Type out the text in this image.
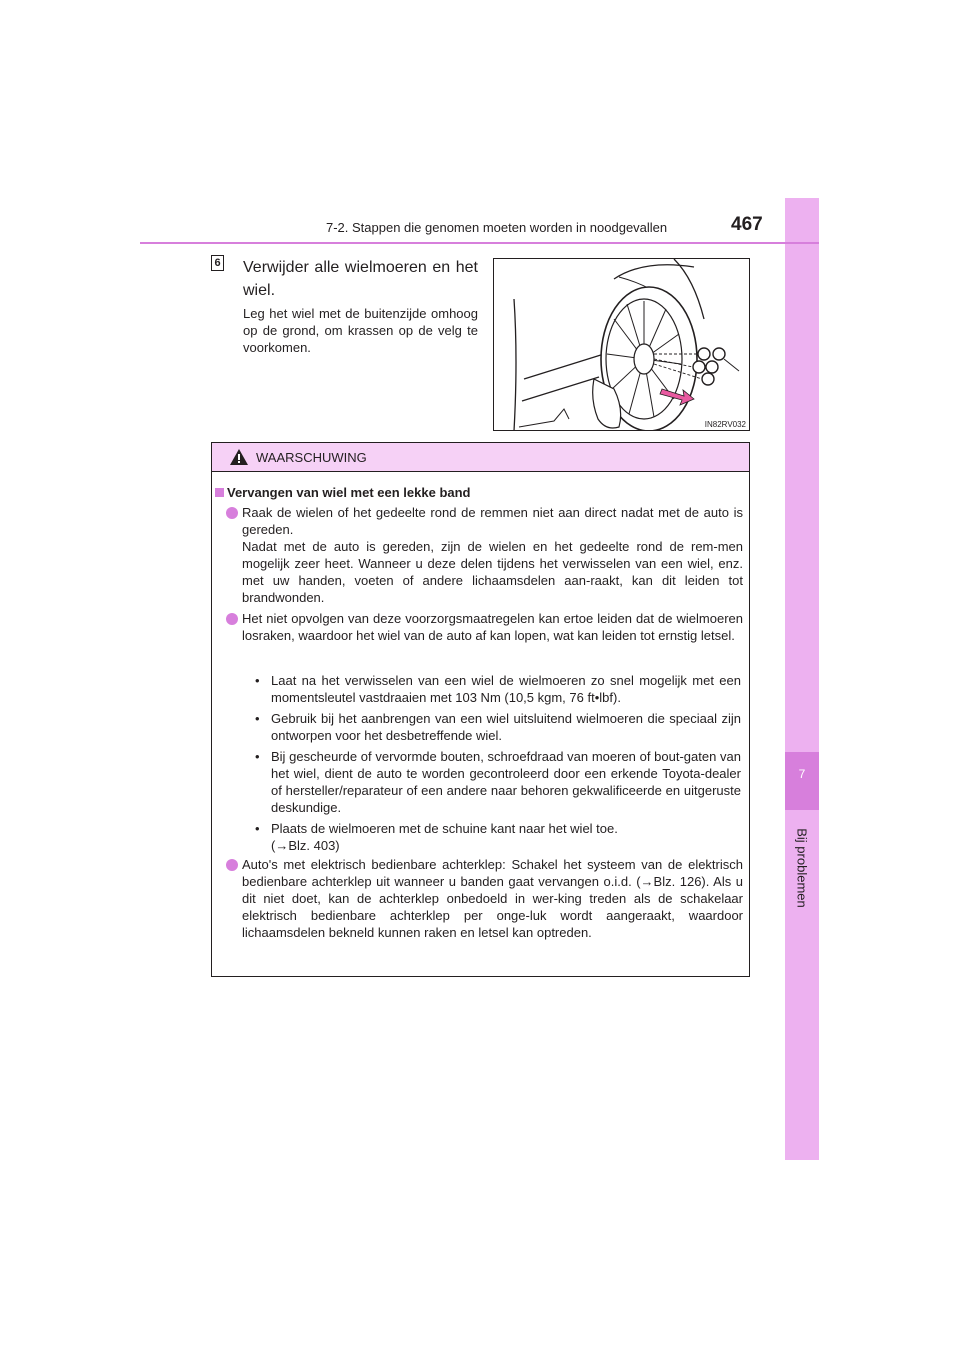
7
Bij problemen
7-2. Stappen die genomen moeten worden in noodgevallen	467
6 Verwijder alle wielmoeren en het wiel.
Leg het wiel met de buitenzijde omhoog op de grond, om krassen op de velg te voorkomen.
IN82RV032
WAARSCHUWING
Vervangen van wiel met een lekke band
Raak de wielen of het gedeelte rond de remmen niet aan direct nadat met de auto is gereden.
Nadat met de auto is gereden, zijn de wielen en het gedeelte rond de rem-men mogelijk zeer heet. Wanneer u deze delen tijdens het verwisselen van een wiel, enz. met uw handen, voeten of andere lichaamsdelen aan-raakt, kan dit leiden tot brandwonden.
Het niet opvolgen van deze voorzorgsmaatregelen kan ertoe leiden dat de wielmoeren losraken, waardoor het wiel van de auto af kan lopen, wat kan leiden tot ernstig letsel.
• Laat na het verwisselen van een wiel de wielmoeren zo snel mogelijk met een momentsleutel vastdraaien met 103 Nm (10,5 kgm, 76 ft•lbf).
• Gebruik bij het aanbrengen van een wiel uitsluitend wielmoeren die speciaal zijn ontworpen voor het desbetreffende wiel.
• Bij gescheurde of vervormde bouten, schroefdraad van moeren of bout-gaten van het wiel, dient de auto te worden gecontroleerd door een erkende Toyota-dealer of hersteller/reparateur of een andere naar behoren gekwalificeerde en uitgeruste deskundige.
• Plaats de wielmoeren met de schuine kant naar het wiel toe.
(→Blz. 403)
Auto's met elektrisch bedienbare achterklep: Schakel het systeem van de elektrisch bedienbare achterklep uit wanneer u banden gaat vervangen o.i.d. (→Blz. 126). Als u dit niet doet, kan de achterklep onbedoeld in wer-king treden als de schakelaar elektrisch bedienbare achterklep per onge-luk wordt aangeraakt, waardoor lichaamsdelen bekneld kunnen raken en letsel kan optreden.
